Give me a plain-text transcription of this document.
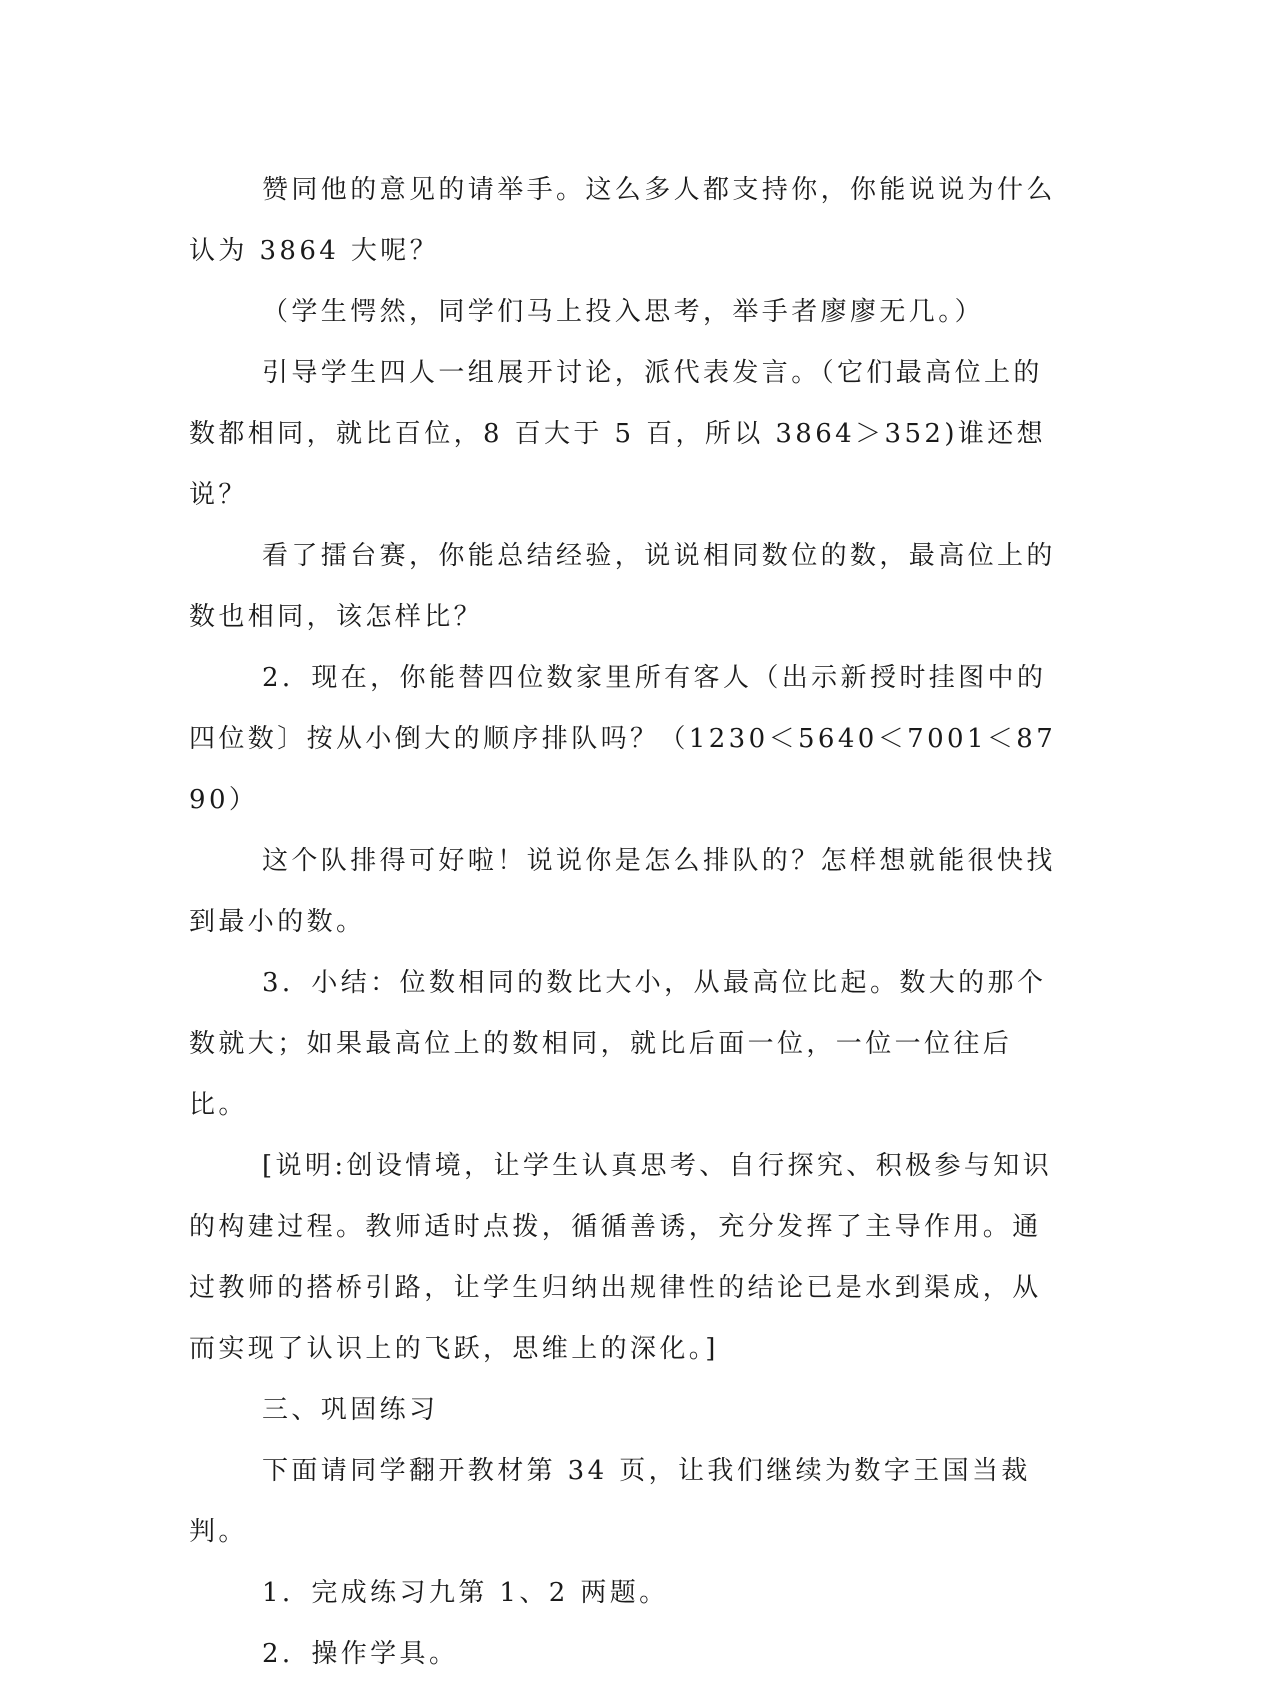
赞同他的意见的请举手。这么多人都支持你，你能说说为什么认为 3864 大呢？

（学生愕然，同学们马上投入思考，举手者廖廖无几。）

引导学生四人一组展开讨论，派代表发言。（它们最高位上的数都相同，就比百位，8 百大于 5 百，所以 3864＞352)谁还想说？

看了擂台赛，你能总结经验，说说相同数位的数，最高位上的数也相同，该怎样比？

2．现在，你能替四位数家里所有客人（出示新授时挂图中的四位数〕按从小倒大的顺序排队吗？（1230＜5640＜7001＜8790）

这个队排得可好啦！说说你是怎么排队的？怎样想就能很快找到最小的数。

3．小结：位数相同的数比大小，从最高位比起。数大的那个数就大；如果最高位上的数相同，就比后面一位，一位一位往后比。

[说明:创设情境，让学生认真思考、自行探究、积极参与知识的构建过程。教师适时点拨，循循善诱，充分发挥了主导作用。通过教师的搭桥引路，让学生归纳出规律性的结论已是水到渠成，从而实现了认识上的飞跃，思维上的深化。]

三、巩固练习

下面请同学翻开教材第 34 页，让我们继续为数字王国当裁判。

1．完成练习九第 1、2 两题。

2．操作学具。
